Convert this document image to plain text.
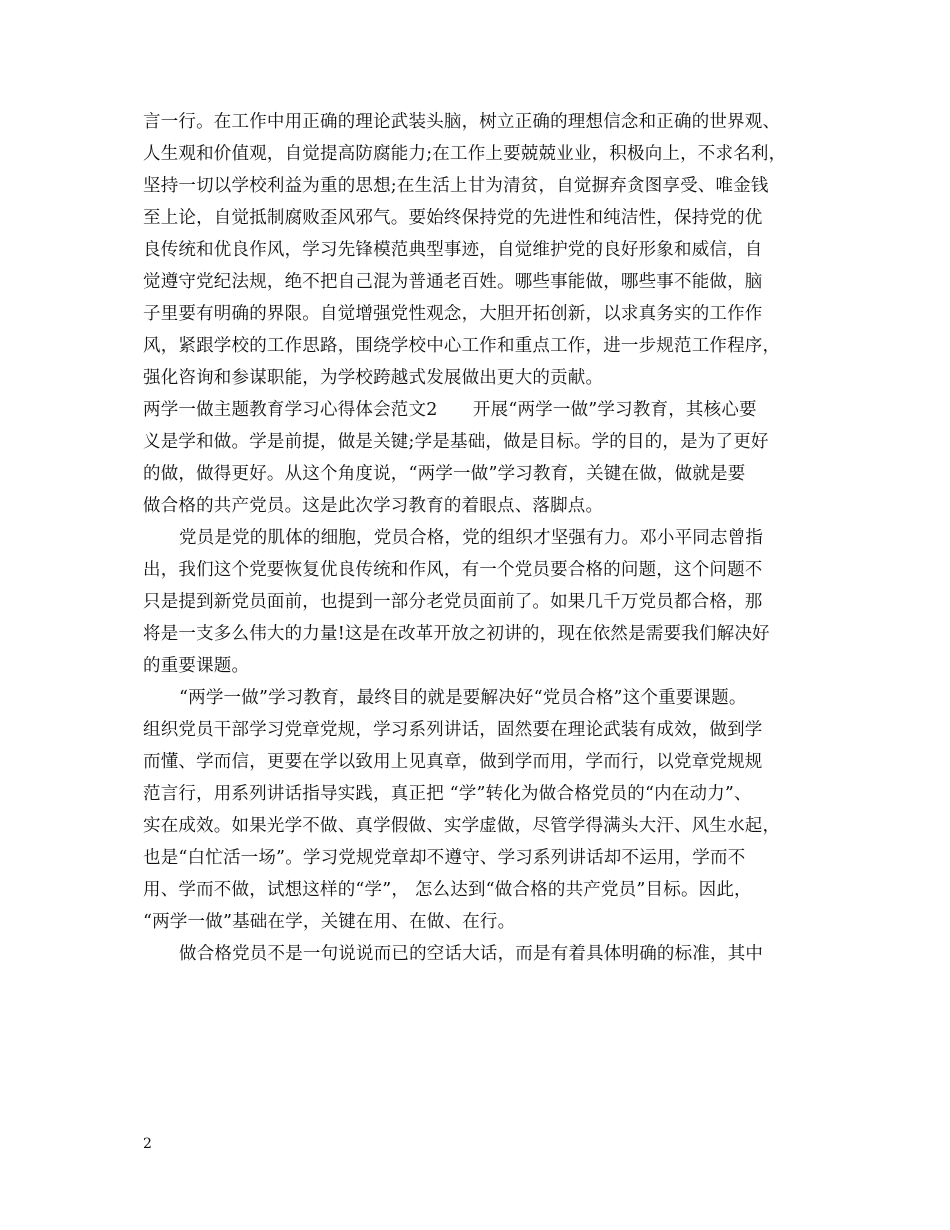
言一行。在工作中用正确的理论武装头脑，树立正确的理想信念和正确的世界观、
人生观和价值观，自觉提高防腐能力;在工作上要兢兢业业，积极向上，不求名利，
坚持一切以学校利益为重的思想;在生活上甘为清贫，自觉摒弃贪图享受、唯金钱
至上论，自觉抵制腐败歪风邪气。要始终保持党的先进性和纯洁性，保持党的优
良传统和优良作风，学习先锋模范典型事迹，自觉维护党的良好形象和威信，自
觉遵守党纪法规，绝不把自己混为普通老百姓。哪些事能做，哪些事不能做，脑
子里要有明确的界限。自觉增强党性观念，大胆开拓创新，以求真务实的工作作
风，紧跟学校的工作思路，围绕学校中心工作和重点工作，进一步规范工作程序，
强化咨询和参谋职能，为学校跨越式发展做出更大的贡献。
两学一做主题教育学习心得体会范文2　　开展“两学一做”学习教育，其核心要
义是学和做。学是前提，做是关键;学是基础，做是目标。学的目的，是为了更好
的做，做得更好。从这个角度说，“两学一做”学习教育，关键在做，做就是要
做合格的共产党员。这是此次学习教育的着眼点、落脚点。
党员是党的肌体的细胞，党员合格，党的组织才坚强有力。邓小平同志曾指
出，我们这个党要恢复优良传统和作风，有一个党员要合格的问题，这个问题不
只是提到新党员面前，也提到一部分老党员面前了。如果几千万党员都合格，那
将是一支多么伟大的力量!这是在改革开放之初讲的，现在依然是需要我们解决好
的重要课题。
“两学一做”学习教育，最终目的就是要解决好“党员合格”这个重要课题。
组织党员干部学习党章党规，学习系列讲话，固然要在理论武装有成效，做到学
而懂、学而信，更要在学以致用上见真章，做到学而用，学而行，以党章党规规
范言行，用系列讲话指导实践，真正把 “学”转化为做合格党员的“内在动力”、
实在成效。如果光学不做、真学假做、实学虚做，尽管学得满头大汗、风生水起，
也是“白忙活一场”。学习党规党章却不遵守、学习系列讲话却不运用，学而不
用、学而不做，试想这样的“学”， 怎么达到“做合格的共产党员”目标。因此，
“两学一做”基础在学，关键在用、在做、在行。
做合格党员不是一句说说而已的空话大话，而是有着具体明确的标准，其中
2
